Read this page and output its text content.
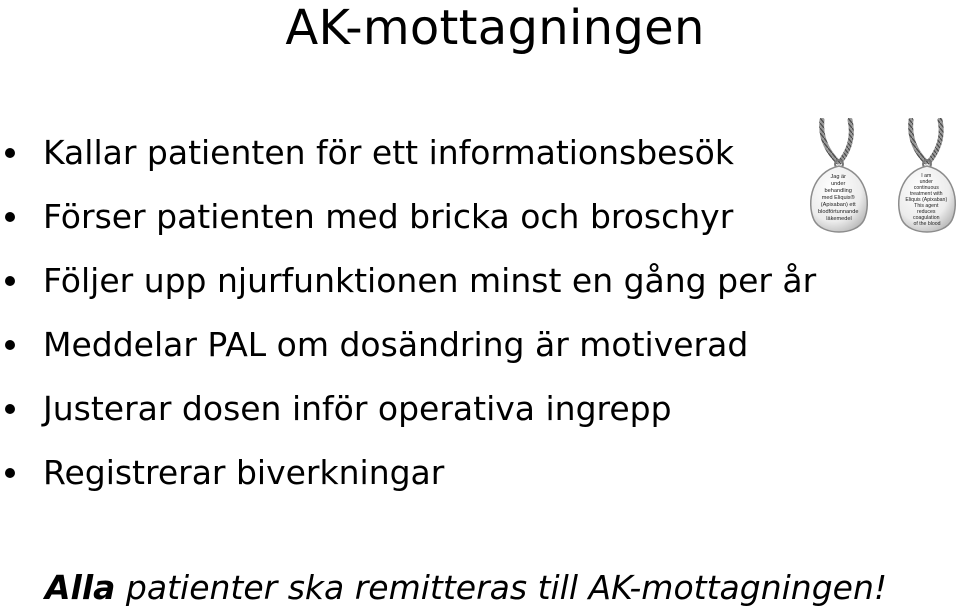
AK-mottagningen
Kallar patienten för ett informationsbesök
Förser patienten med bricka och broschyr
Följer upp njurfunktionen minst en gång per år
Meddelar PAL om dosändring är motiverad
Justerar dosen inför operativa ingrepp
Registrerar biverkningar
Jag är under behandling med Eliquis® (Apixaban) ett blodförtunnande läkemedel
I am under continuous treatment with Eliquis (Apixaban) This agent reduces coagulation of the blood
Alla patienter ska remitteras till AK-mottagningen!
